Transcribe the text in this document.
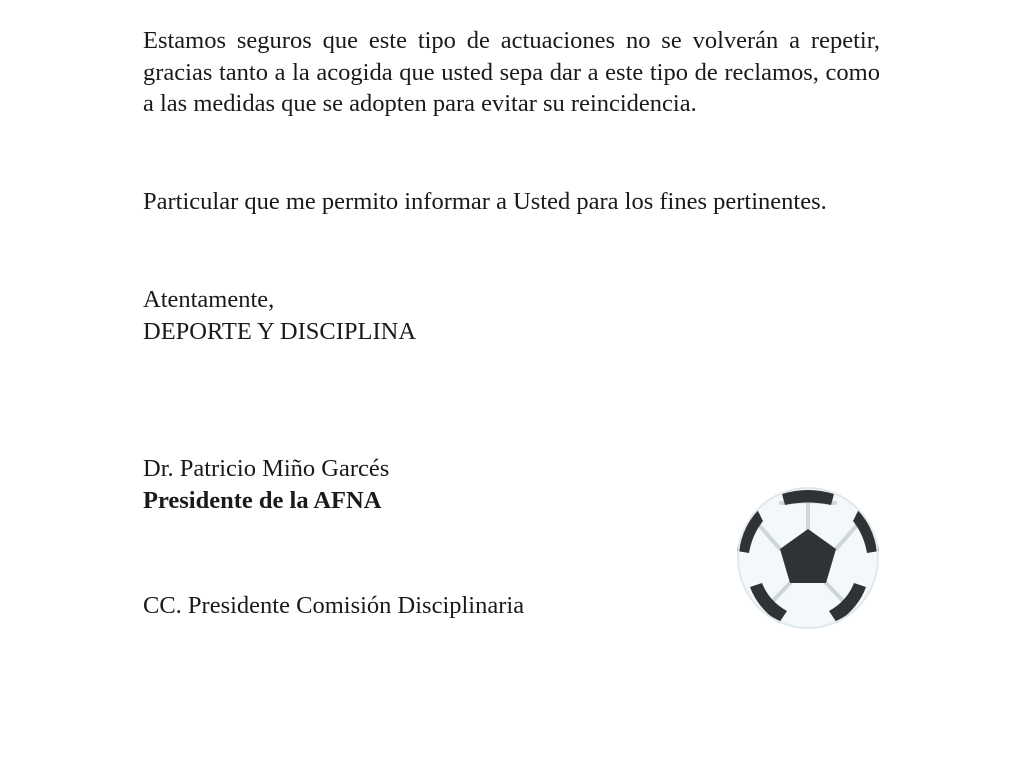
Estamos seguros que este tipo de actuaciones no se volverán a repetir, gracias tanto a la acogida que usted sepa dar a este tipo de reclamos, como a las medidas que se adopten para evitar su reincidencia.

Particular que me permito informar a Usted para los fines pertinentes.

Atentamente,
DEPORTE Y DISCIPLINA
Dr. Patricio Miño Garcés
Presidente de la AFNA
CC. Presidente Comisión Disciplinaria
